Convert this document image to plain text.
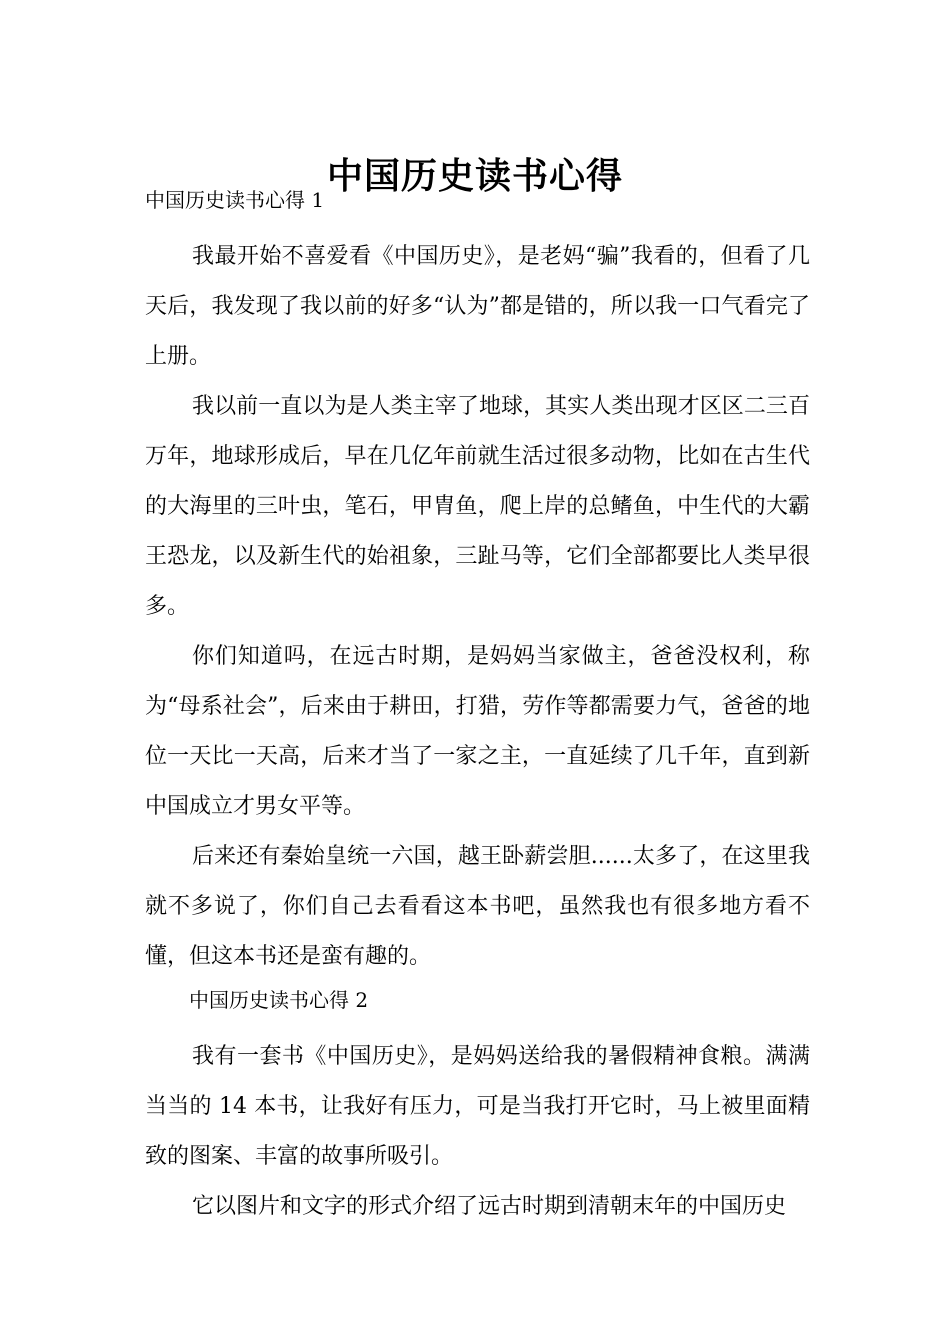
中国历史读书心得

中国历史读书心得 1

我最开始不喜爱看《中国历史》，是老妈“骗”我看的，但看了几天后，我发现了我以前的好多“认为”都是错的，所以我一口气看完了上册。

我以前一直以为是人类主宰了地球，其实人类出现才区区二三百万年，地球形成后，早在几亿年前就生活过很多动物，比如在古生代的大海里的三叶虫，笔石，甲胄鱼，爬上岸的总鳍鱼，中生代的大霸王恐龙，以及新生代的始祖象，三趾马等，它们全部都要比人类早很多。

你们知道吗，在远古时期，是妈妈当家做主，爸爸没权利，称为“母系社会”，后来由于耕田，打猎，劳作等都需要力气，爸爸的地位一天比一天高，后来才当了一家之主，一直延续了几千年，直到新中国成立才男女平等。

后来还有秦始皇统一六国，越王卧薪尝胆......太多了，在这里我就不多说了，你们自己去看看这本书吧，虽然我也有很多地方看不懂，但这本书还是蛮有趣的。

中国历史读书心得 2

我有一套书《中国历史》，是妈妈送给我的暑假精神食粮。满满当当的 14 本书，让我好有压力，可是当我打开它时，马上被里面精致的图案、丰富的故事所吸引。

它以图片和文字的形式介绍了远古时期到清朝末年的中国历史
